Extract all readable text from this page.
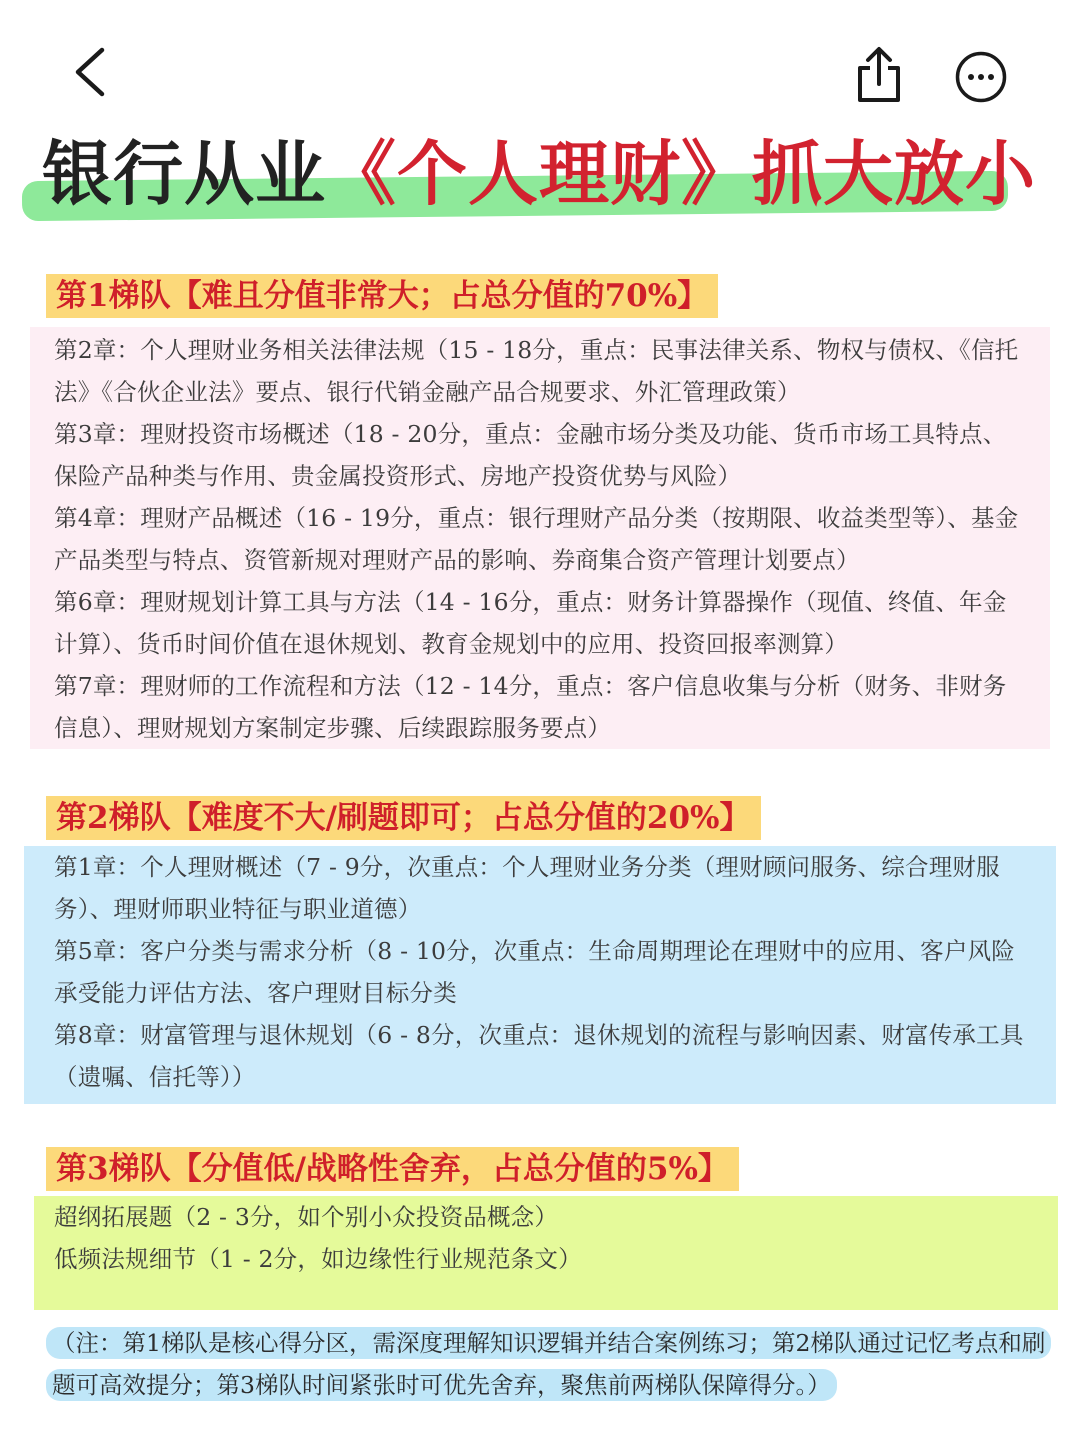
银行从业《个人理财》抓大放小
第1梯队【难且分值非常大；占总分值的70%】

第2章：个人理财业务相关法律法规（15 - 18分，重点：民事法律关系、物权与债权、《信托法》《合伙企业法》要点、银行代销金融产品合规要求、外汇管理政策）

第3章：理财投资市场概述（18 - 20分，重点：金融市场分类及功能、货币市场工具特点、保险产品种类与作用、贵金属投资形式、房地产投资优势与风险）

第4章：理财产品概述（16 - 19分，重点：银行理财产品分类（按期限、收益类型等）、基金产品类型与特点、资管新规对理财产品的影响、券商集合资产管理计划要点）

第6章：理财规划计算工具与方法（14 - 16分，重点：财务计算器操作（现值、终值、年金计算）、货币时间价值在退休规划、教育金规划中的应用、投资回报率测算）

第7章：理财师的工作流程和方法（12 - 14分，重点：客户信息收集与分析（财务、非财务信息）、理财规划方案制定步骤、后续跟踪服务要点）

第2梯队【难度不大/刷题即可；占总分值的20%】

第1章：个人理财概述（7 - 9分，次重点：个人理财业务分类（理财顾问服务、综合理财服务）、理财师职业特征与职业道德）

第5章：客户分类与需求分析（8 - 10分，次重点：生命周期理论在理财中的应用、客户风险承受能力评估方法、客户理财目标分类

第8章：财富管理与退休规划（6 - 8分，次重点：退休规划的流程与影响因素、财富传承工具（遗嘱、信托等））

第3梯队【分值低/战略性舍弃，占总分值的5%】

超纲拓展题（2 - 3分，如个别小众投资品概念）

低频法规细节（1 - 2分，如边缘性行业规范条文）

（注：第1梯队是核心得分区，需深度理解知识逻辑并结合案例练习；第2梯队通过记忆考点和刷题可高效提分；第3梯队时间紧张时可优先舍弃，聚焦前两梯队保障得分。）
